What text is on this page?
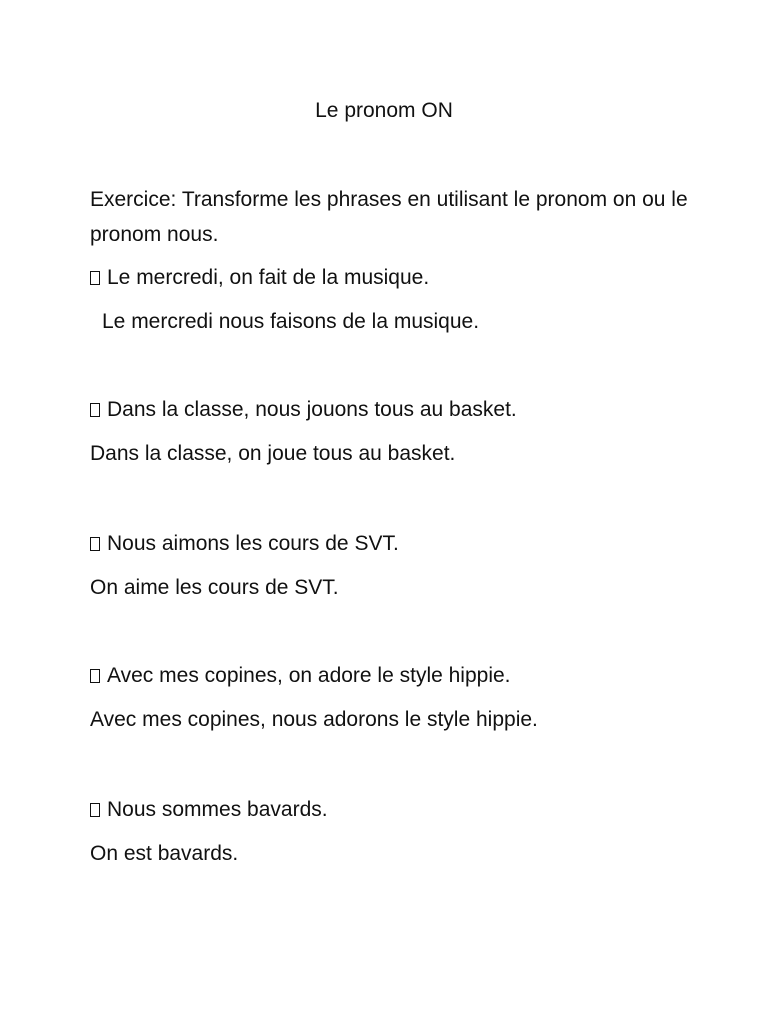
Le pronom ON
Exercice: Transforme les phrases en utilisant le pronom on ou le pronom nous.
Le mercredi, on fait de la musique.
Le mercredi nous faisons de la musique.
Dans la classe, nous jouons tous au basket.
Dans la classe, on joue tous au basket.
Nous aimons les cours de SVT.
On aime les cours de SVT.
Avec mes copines, on adore le style hippie.
Avec mes copines, nous adorons le style hippie.
Nous sommes bavards.
On est bavards.
